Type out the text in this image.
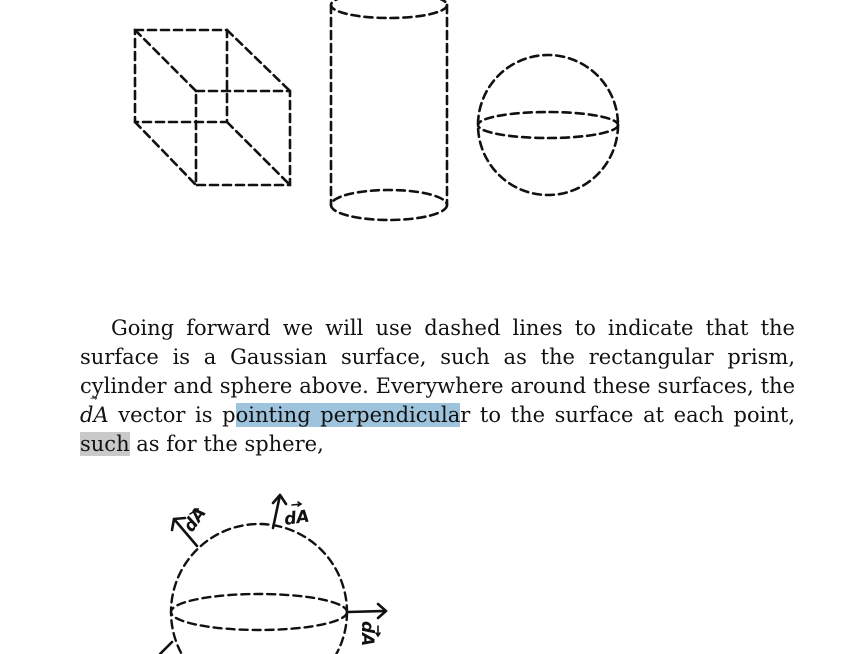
Going forward we will use dashed lines to indicate that the surface is a Gaussian surface, such as the rectangular prism, cylinder and sphere above. Everywhere around these surfaces, the dA
vector is pointing perpendicular to the surface at each point, such as for the sphere,

dA	dA
dA
